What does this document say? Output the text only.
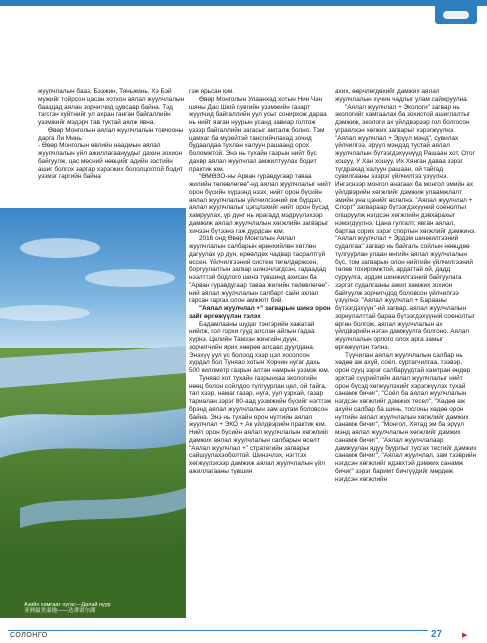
жуулчлалын бааз, Бээжин, Тяньжинь, Хэ Бэй мужийг тойрсон цасан хотхон аялал жуулчлалын бааздад аялан зорчигчид цувсаар байна. Тэд тэгсгэн хуйтнийг ул ахран ганган байгаллийн уэзмжийг мэдэрч тав туктай аялж явна.

Өвөр Монголын аялал жуулчлалын товчооны дарга Ли Минь:

- Өвөр Монголын өвлийн наадмын аялал жуулчлалын үйл ажиллагаануудыг дахин зохион байгуулж, цас мөсний нөөцийг адийн зэстийн ашиг болгох заргар хэрэгжих бололцоотой бодит уэзмэг гаргийн байна

Азийн хамгаат нугас—Далай нуур
亚洲最美湿地——达赉诺尔湖

гэж ярьсан юм.

Өвөр Монголын Улаанхад хотын Нин Чэн шяны Дао Шюй сувгийн уэзмжийн газарт жуулчид байгаллийн уул усыг сонирхож дараа нь нийт яаган нуурын усанд завиар голтож уэзэр байгаллийн загасыг амталж болно. Тэм цамхаг ба музейтэй тансгийчлахад зочид будаалдаа тухлан халуун рашаанд орох боломжтой. Энэ нь тухайн газрын нийт бүс дахвр аялал жуулчлал амжилтуулах бодит практик юм.

"ӨМӨЗО-ны Арван гуравдугаар таваа жилийн төлөвлөгөө"-нд аялал жуулчлалыг нийт орон бүсийн хүрээнд нээх, нийт орон бүсийн аялал жуулчлалын үйлчилгээний иж бүрдэл, аялал жуулчлалыг цэгцлэхийг нийт орон бүсэд хамруулах, үр дүнг нь ирагадд мэдрүүлэхээр дамжиж аялал жуулчлалын хөгжлийн загварыг хичээн бүтээнэ гэж дурдсан юм.

2016 онд Өвөр Монголын Аялал жуулчлалын салбарын өрөнхийлөн хөтлөн дагуулах үр дүн, ерөөлдөх чадвар тасралтгүй өссен. Үйлчилгээний систем төгөлдөржсен, боргуулалтын загвар шинэчлэгдсэн, гадаадад нээлттэй бодлого шинэ түвшинд ахисан ба "Арван гуравдугаар таваа жилийн төлөвлөгөө"-ний аялал жуулчлалын салбарт сайн эхлал гарсан гаргах олон амжилт бий.

"Аялал жуулчлал +" загварын шинэ орон зайг өргөжүүлэн тэлэх

Бадамлааны шудаг тэнгэрийн хажатай нийлж, гол горхи гууд алслан айлын гадаа хүрнэ. Целийн Тамзэн жингийн дуун, зорчигчийн ярих хөөрөө алсаас дуулдана. Энэхүү уул ус болоод хээр цэл хосолсон хурдал бол Туняао хотын Хорчин нугаг дахь 500 километр газрын алтан намрын уэзмэк юм.

Туняао хот тухайн газрынхаа экологийн нөөц болон сойлдоо түлгуурлан цел, ой тайга, тал хээр, намаг газар, нуга, уул үзрхай, газар тариалан зэрэг 80-аад уэзмжийн бүсийг нэгтгэж брэнд аялал жуулчлалын зам шугам боловсон байна. Энэ нь тухайн орон нутгийн аялал жуулчлал + ЭКО + Ак үйлдвэрийн практик юм. Нийт орон бүсийн аялал жуулчлалын хөгжлийг дамжих аялал жуулчлалын салбарын өсөлт "Аялал жуулчлал +" стратегийн загварыг сайшуулахэоболтой. Шинэчлэх, нэгтгэх хөгжүүлэхээр дамжиж аялал жуулчлалын үйл ажиллагааны түвшин

ахих, өөрчлөгдөхийг дамжих аялал жуулчлалын хүчин чадлыг улам сайжруулна.

"Аялал жуулчлал + Экологи" загвар нь экологийг хамгаалах ба зохистой ашиглалтыг дэмжиж, экологи ах үйлдвэрээр гол болгосон уграялхэн хөгжих загварыг хэрэгжүүлнэ. "Аялал жуулчлал + Эрүүл мэнд", сувилах үйлчилгээ, эрүүл мэндэд тустай аялал жуулчлалын бүтээгдэхүүнүүд Рашаан хот, Отог хошуу, У Хан хошуу, Их Хянган даваа зэрэг түгдрахад халуун рашаан, ой тайгад сувилгааны эзэрэг үйлчилгээ үзүүлнэ. Ингэснээр монгол анагаах ба монгол эмийн ах үйлдвэрийн хөгжлийг дэмжиж улаамжлалт эмийн уна цэнийг өсгөлнэ. "Аялал жуулчлал + Спорт" загвараар бүтээгдэхүүний соенолтыг олшруулж нэгдсэн хөгжлийн дэвхарахыг нэмэгдүүлнэ. Цана гулгалт, явган аялал, бартаа сорих зэрэг спортын хөгжлийг дэмжинэ. "Аялал жуулчлал + Эрдэм шинжилгээний судалгаа" загвар нь байгаль сойлын нөөцдөө түлгуурлан улаан өнгийн аялал жуулчлалын бүс, том загварын олон нийтийн үйлчилгээний төлөв тохиромжтой, ардагтай ой, дадд суруулга, эрдэм шинжилгээний байгуулага зэргэт судалгааны ажил хамжих зохион байгуулж зорчигчдод боловсон үйлчилгээ үзүүлнэ. "Аялал жуулчлал + Барааны бүтээгдэхүүн"-ий загвар, аялал жуулчлалын зориулалттай бараа бүтээгдэхүүний соенолтыг өргөн болгож, аялал жуулчлалын ах үйлдвэрийн нэгэн дамжуулга болгоно. Аялал жуулчлалын орлого олох арга замыг өргөжүүлэн тэлнэ.

Түүчилан аялал жуулчлалын салбар нь хөдөө аж ахуй, соёл, суртагчилгаа, тээвэр, орон сууц зэрэг салбаруудтай хамтран өндөр эрхтэй сүүрийтийн аялал жуулчлалыг нийт орон бүсэд хөгжүүлэхийг хэрэгжүүлэх тухай санамж бичиг", "Соёл ба аялал жуулчлалын нэгдсэн хөгжлийг дэмжих тесел", "Хөдөө аж ахуйн салбар ба шинь, тосгоны хөдөө орон нутгийн аялал жуулчлалын хөгжлийг дамжих санамж бичиг", "Монгол, Хятад эм ба эрүүл мэнд аялал жуулчлалын хөгжлийг дэмжих санамж бичиг", "Аялал жуулчлалаар дамжуулан ядуу буурлыг тусгах тесгийг дэмжих санамж бичиг", "Аялал жуулчлал, зам тээврийн нэгдсэн хөгжлийг идэвхтэй дэмжих санамж бичиг" зэрэг баримт бичгүүдийг мөрдөж нэгдсэн хөгжлийн

СОЛОНГО	27	▶
